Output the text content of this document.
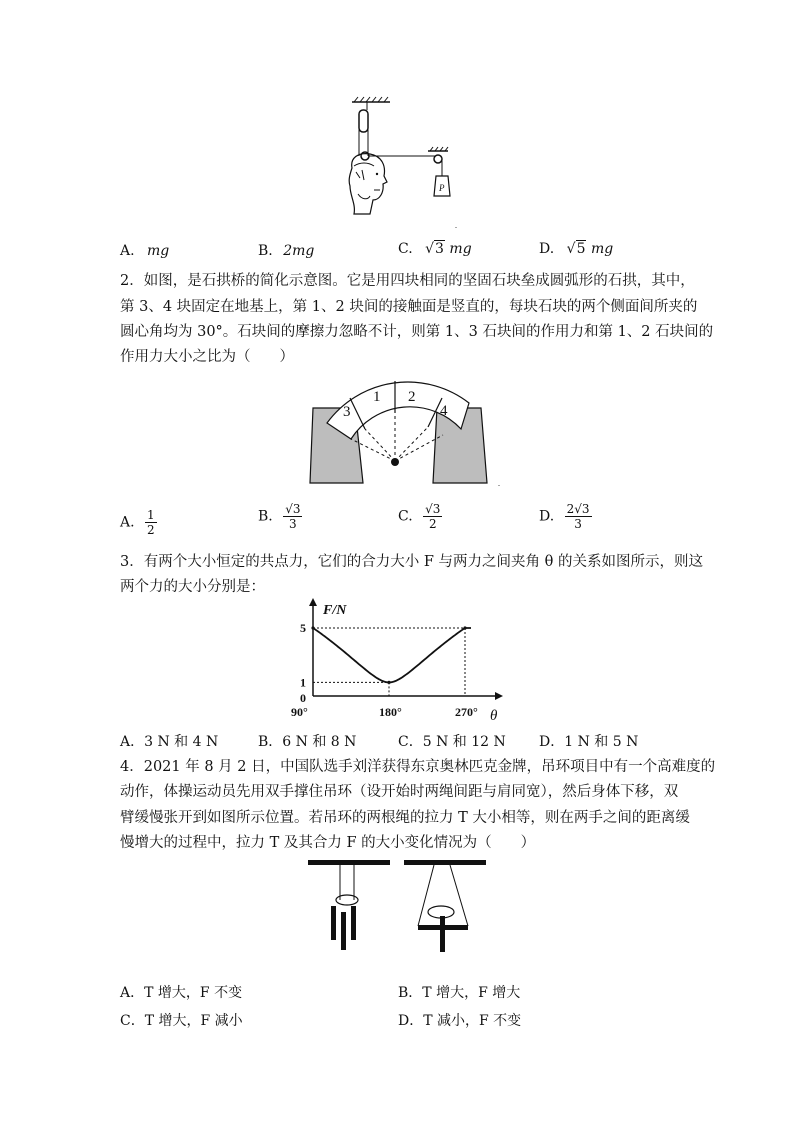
P
.
A. mg	B. 2mg	C. √3 mg	D. √5 mg
2．如图，是石拱桥的简化示意图。它是用四块相同的坚固石块垒成圆弧形的石拱，其中，
第 3、4 块固定在地基上，第 1、2 块间的接触面是竖直的，每块石块的两个侧面间所夹的
圆心角均为 30°。石块间的摩擦力忽略不计，则第 1、3 石块间的作用力和第 1、2 石块间的
作用力大小之比为（　　）
3
1 2
4
.
A. $\frac{1}{2}$	B. $\frac{√3}{3}$	C. $\frac{√3}{2}$	D. $\frac{2√3}{3}$
3．有两个大小恒定的共点力，它们的合力大小 F 与两力之间夹角 θ 的关系如图所示，则这
两个力的大小分别是：
F/N
θ
90°	180°	270°
5
1
0
A．3 N 和 4 N	B．6 N 和 8 N	C．5 N 和 12 N D．1 N 和 5 N
4．2021 年 8 月 2 日，中国队选手刘洋获得东京奥林匹克金牌，吊环项目中有一个高难度的
动作，体操运动员先用双手撑住吊环（设开始时两绳间距与肩同宽），然后身体下移，双
臂缓慢张开到如图所示位置。若吊环的两根绳的拉力 T 大小相等，则在两手之间的距离缓
慢增大的过程中，拉力 T 及其合力 F 的大小变化情况为（　　）
A．T 增大，F 不变	B．T 增大，F 增大
C．T 增大，F 减小	D．T 减小，F 不变
